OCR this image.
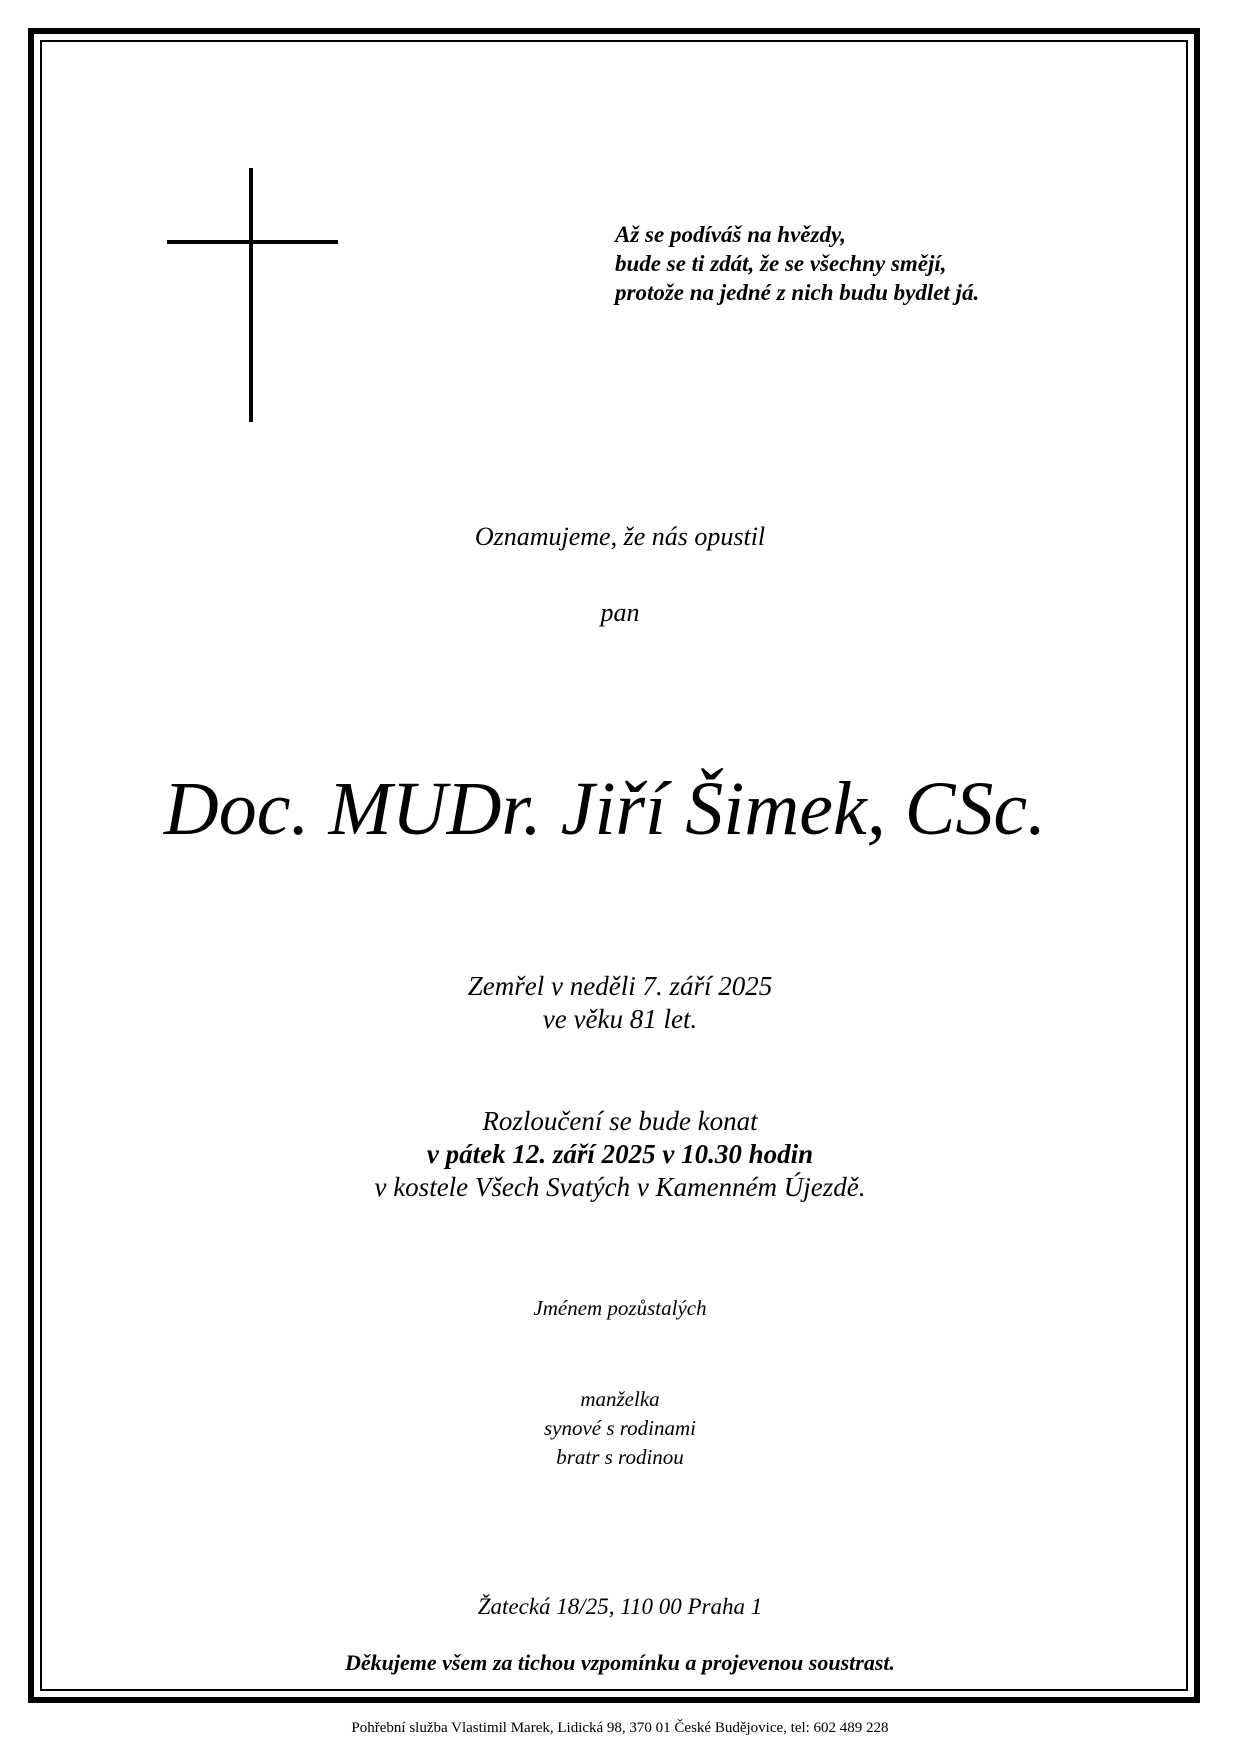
Až se podíváš na hvězdy,
bude se ti zdát, že se všechny smějí,
protože na jedné z nich budu bydlet já.
Oznamujeme, že nás opustil
pan
Doc. MUDr. Jiří Šimek, CSc.
Zemřel v neděli 7. září 2025
ve věku 81 let.
Rozloučení se bude konat
v pátek 12. září 2025 v 10.30 hodin
v kostele Všech Svatých v Kamenném Újezdě.
Jménem pozůstalých
manželka
synové s rodinami
bratr s rodinou
Žatecká 18/25, 110 00 Praha 1
Děkujeme všem za tichou vzpomínku a projevenou soustrast.
Pohřební služba Vlastimil Marek, Lidická 98, 370 01 České Budějovice, tel: 602 489 228
